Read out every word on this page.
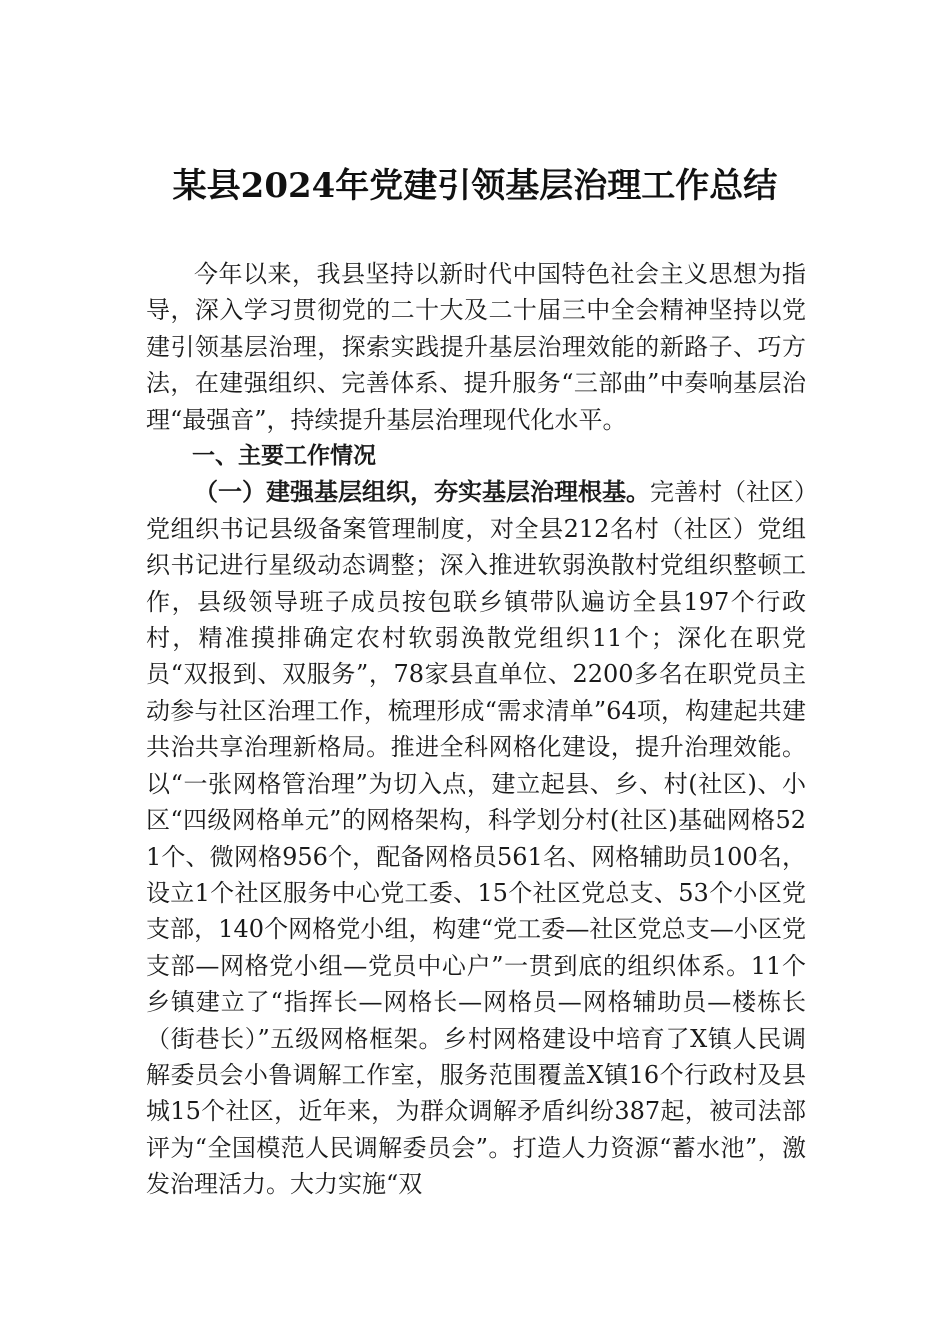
某县2024年党建引领基层治理工作总结

今年以来，我县坚持以新时代中国特色社会主义思想为指导，深入学习贯彻党的二十大及二十届三中全会精神坚持以党建引领基层治理，探索实践提升基层治理效能的新路子、巧方法，在建强组织、完善体系、提升服务“三部曲”中奏响基层治理“最强音”，持续提升基层治理现代化水平。

一、主要工作情况

（一）建强基层组织，夯实基层治理根基。完善村（社区）党组织书记县级备案管理制度，对全县212名村（社区）党组织书记进行星级动态调整；深入推进软弱涣散村党组织整顿工作，县级领导班子成员按包联乡镇带队遍访全县197个行政村，精准摸排确定农村软弱涣散党组织11个；深化在职党员“双报到、双服务”，78家县直单位、2200多名在职党员主动参与社区治理工作，梳理形成“需求清单”64项，构建起共建共治共享治理新格局。推进全科网格化建设，提升治理效能。以“一张网格管治理”为切入点，建立起县、乡、村(社区)、小区“四级网格单元”的网格架构，科学划分村(社区)基础网格521个、微网格956个，配备网格员561名、网格辅助员100名，设立1个社区服务中心党工委、15个社区党总支、53个小区党支部，140个网格党小组，构建“党工委—社区党总支—小区党支部—网格党小组—党员中心户”一贯到底的组织体系。11个乡镇建立了“指挥长—网格长—网格员—网格辅助员—楼栋长（街巷长）”五级网格框架。乡村网格建设中培育了X镇人民调解委员会小鲁调解工作室，服务范围覆盖X镇16个行政村及县城15个社区，近年来，为群众调解矛盾纠纷387起，被司法部评为“全国模范人民调解委员会”。打造人力资源“蓄水池”，激发治理活力。大力实施“双
